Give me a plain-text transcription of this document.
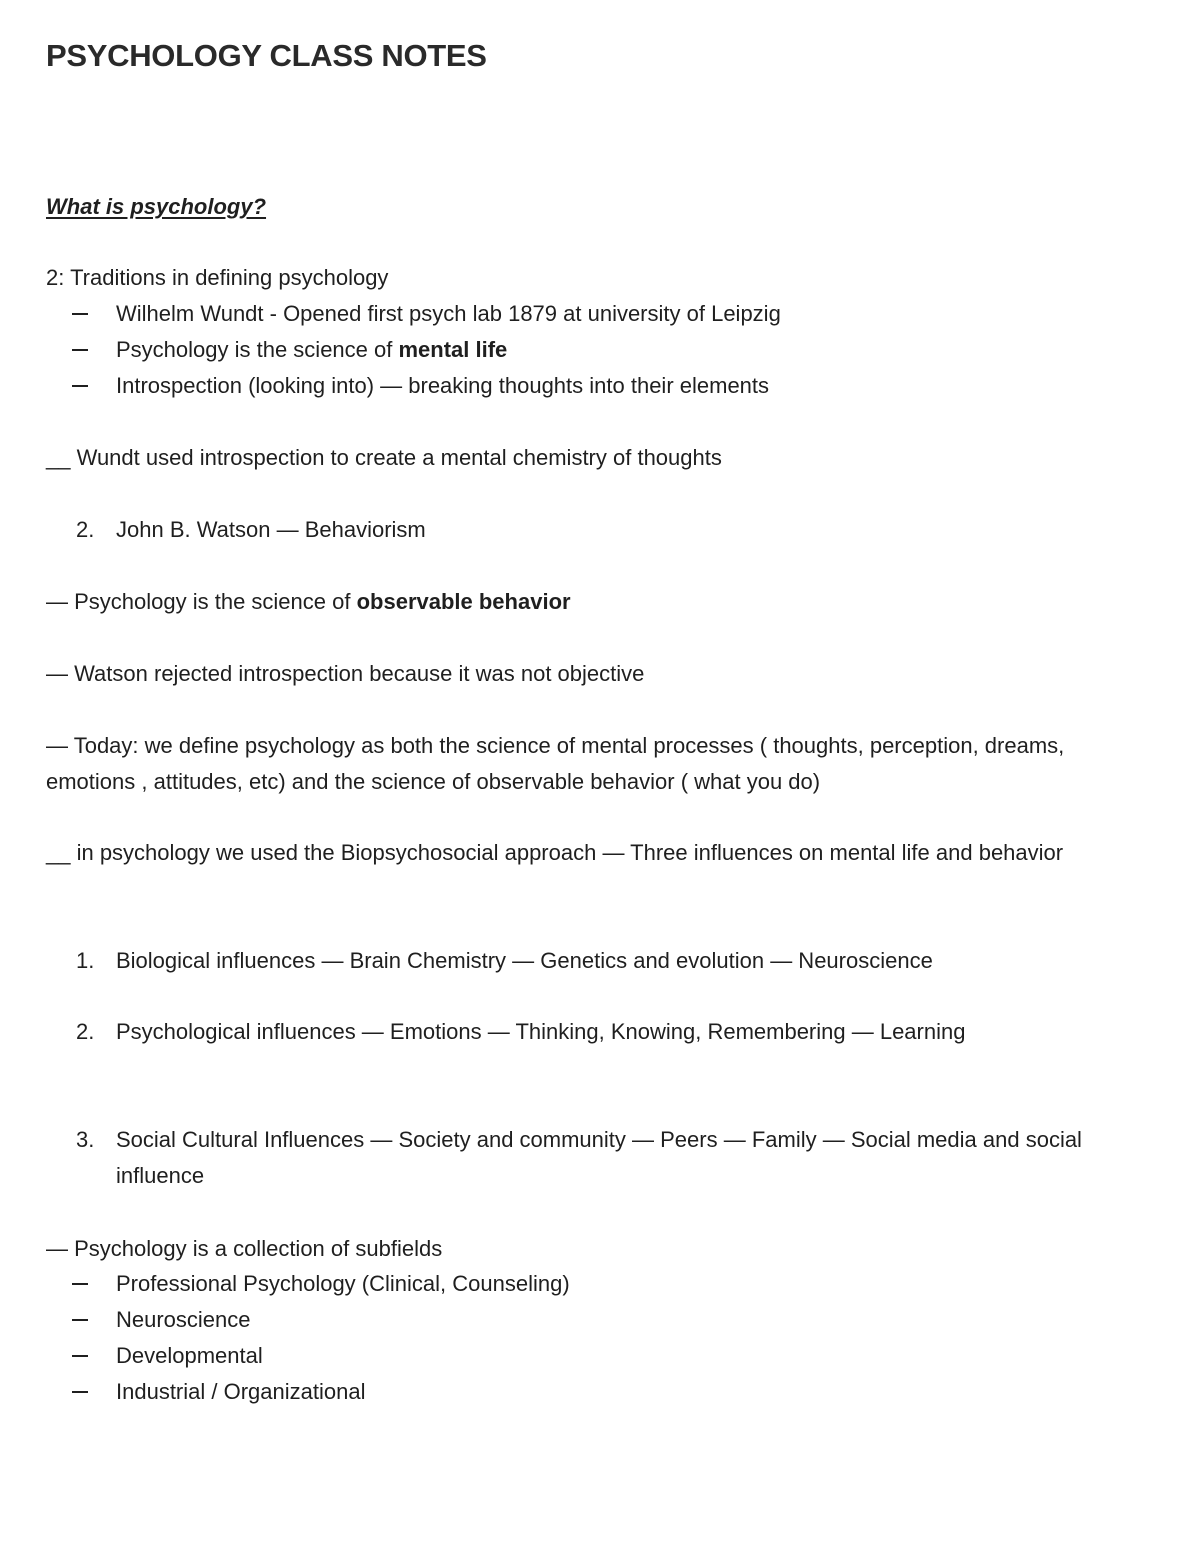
PSYCHOLOGY CLASS NOTES
What is psychology?
2: Traditions in defining psychology
Wilhelm Wundt - Opened first psych lab 1879 at university of Leipzig
Psychology is the science of mental life
Introspection (looking into) — breaking thoughts into their elements
__ Wundt used introspection to create a mental chemistry of thoughts
2. John B. Watson — Behaviorism
— Psychology is the science of observable behavior
— Watson rejected introspection because it was not objective
— Today: we define psychology as both the science of mental processes ( thoughts, perception, dreams, emotions , attitudes, etc) and the science of observable behavior ( what you do)
__ in psychology we used the Biopsychosocial approach — Three influences on mental life and behavior
1. Biological influences — Brain Chemistry — Genetics and evolution — Neuroscience
2. Psychological influences — Emotions — Thinking, Knowing, Remembering — Learning
3. Social Cultural Influences — Society and community — Peers — Family — Social media and social influence
— Psychology is a collection of subfields
Professional Psychology (Clinical, Counseling)
Neuroscience
Developmental
Industrial / Organizational
